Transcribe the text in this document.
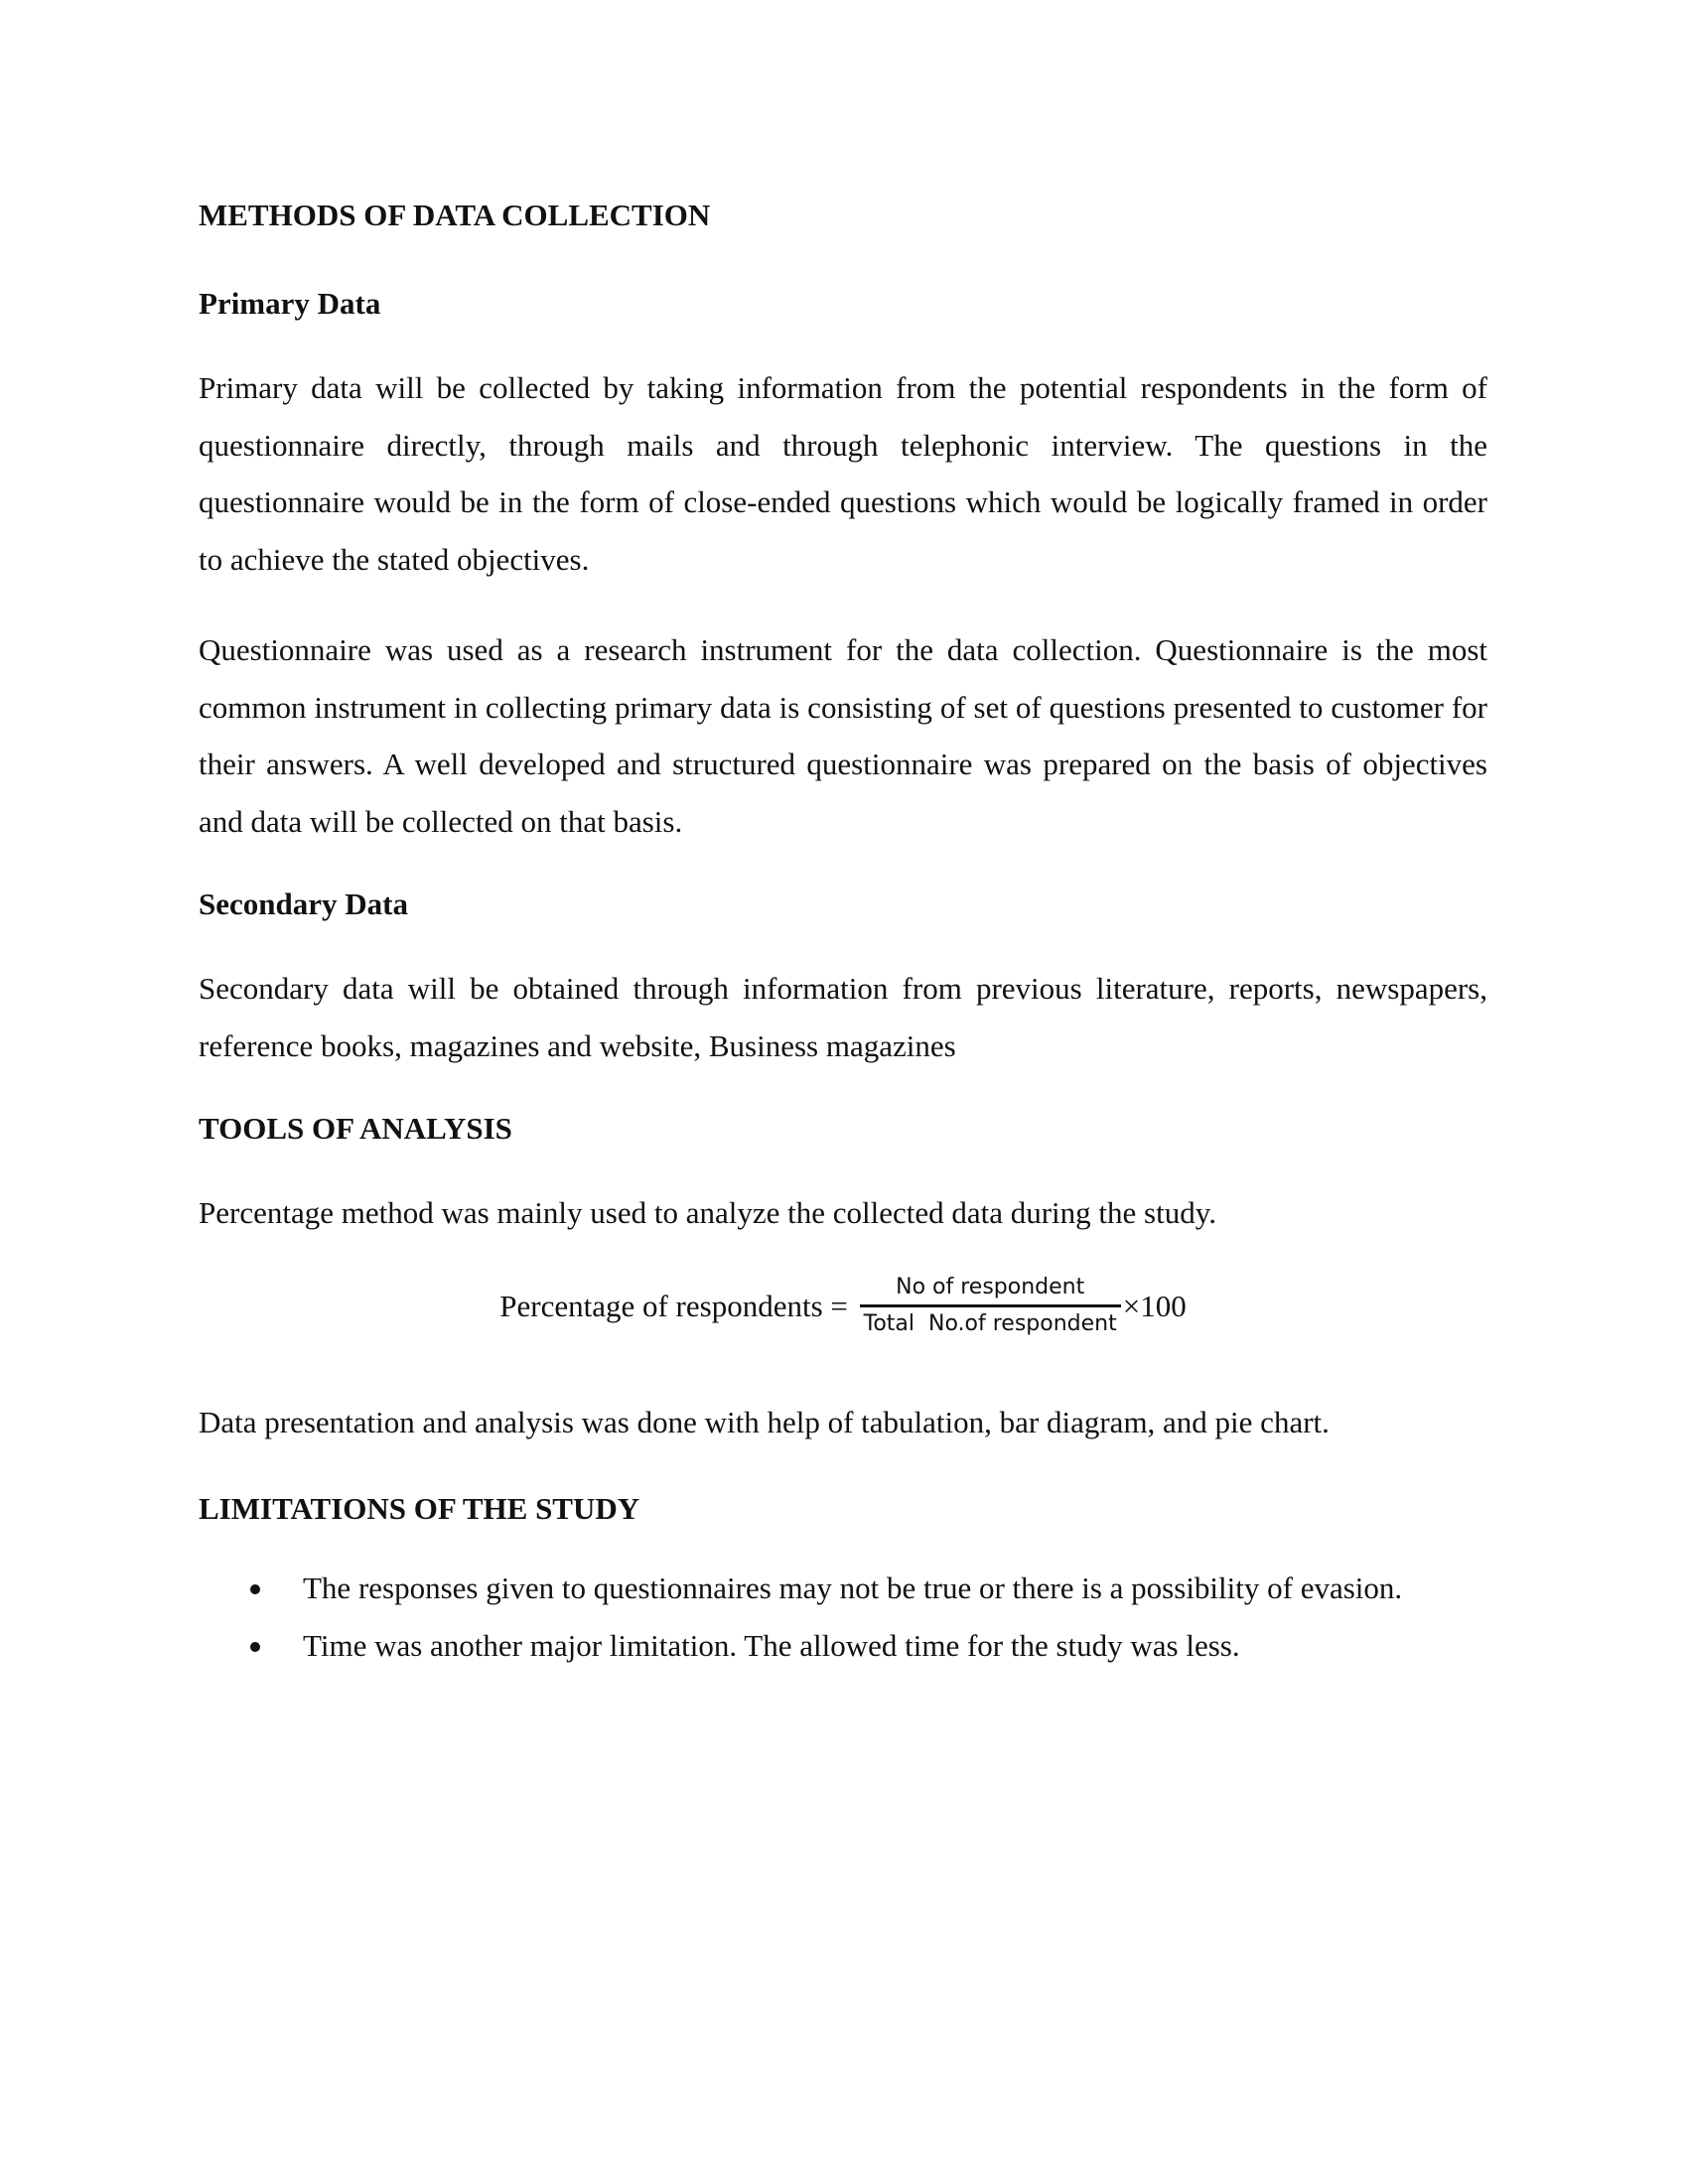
METHODS OF DATA COLLECTION

Primary Data

Primary data will be collected by taking information from the potential respondents in the form of questionnaire directly, through mails and through telephonic interview. The questions in the questionnaire would be in the form of close-ended questions which would be logically framed in order to achieve the stated objectives.

Questionnaire was used as a research instrument for the data collection. Questionnaire is the most common instrument in collecting primary data is consisting of set of questions presented to customer for their answers. A well developed and structured questionnaire was prepared on the basis of objectives and data will be collected on that basis.

Secondary Data

Secondary data will be obtained through information from previous literature, reports, newspapers, reference books, magazines and website, Business magazines

TOOLS OF ANALYSIS

Percentage method was mainly used to analyze the collected data during the study.

Percentage of respondents = $\frac{\text{No of respondent}}{\text{Total  No.of respondent}} \times 100$

Data presentation and analysis was done with help of tabulation, bar diagram, and pie chart.

LIMITATIONS OF THE STUDY

The responses given to questionnaires may not be true or there is a possibility of evasion.
Time was another major limitation. The allowed time for the study was less.
